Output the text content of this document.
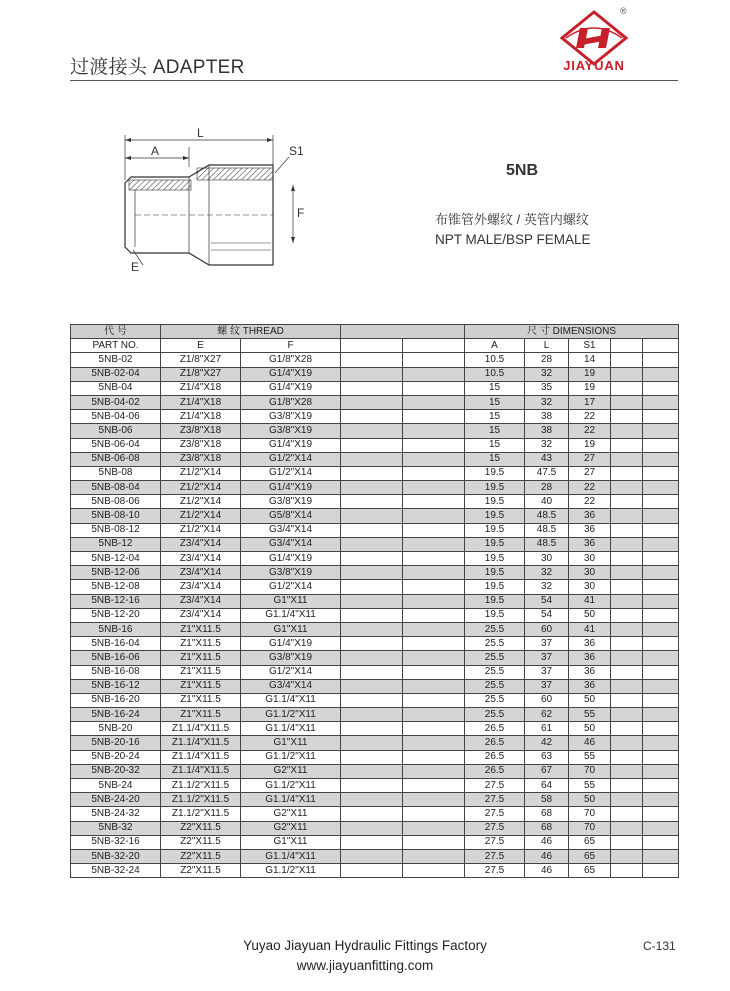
过渡接头 ADAPTER
®
JIAYUAN
L
A	S1
F
E
5NB
布锥管外螺纹 / 英管内螺纹
NPT MALE/BSP FEMALE
代 号	螺 纹 THREAD				尺 寸 DIMENSIONS				
PART NO.	E	F			A	L	S1		
5NB-02	Z1/8"X27	G1/8"X28			10.5	28	14		
5NB-02-04	Z1/8"X27	G1/4"X19			10.5	32	19		
5NB-04	Z1/4"X18	G1/4"X19			15	35	19		
5NB-04-02	Z1/4"X18	G1/8"X28			15	32	17		
5NB-04-06	Z1/4"X18	G3/8"X19			15	38	22		
5NB-06	Z3/8"X18	G3/8"X19			15	38	22		
5NB-06-04	Z3/8"X18	G1/4"X19			15	32	19		
5NB-06-08	Z3/8"X18	G1/2"X14			15	43	27		
5NB-08	Z1/2"X14	G1/2"X14			19.5	47.5	27		
5NB-08-04	Z1/2"X14	G1/4"X19			19.5	28	22		
5NB-08-06	Z1/2"X14	G3/8"X19			19.5	40	22		
5NB-08-10	Z1/2"X14	G5/8"X14			19.5	48.5	36		
5NB-08-12	Z1/2"X14	G3/4"X14			19.5	48.5	36		
5NB-12	Z3/4"X14	G3/4"X14			19.5	48.5	36		
5NB-12-04	Z3/4"X14	G1/4"X19			19.5	30	30		
5NB-12-06	Z3/4"X14	G3/8"X19			19.5	32	30		
5NB-12-08	Z3/4"X14	G1/2"X14			19.5	32	30		
5NB-12-16	Z3/4"X14	G1"X11			19.5	54	41		
5NB-12-20	Z3/4"X14	G1.1/4"X11			19.5	54	50		
5NB-16	Z1"X11.5	G1"X11			25.5	60	41		
5NB-16-04	Z1"X11.5	G1/4"X19			25.5	37	36		
5NB-16-06	Z1"X11.5	G3/8"X19			25.5	37	36		
5NB-16-08	Z1"X11.5	G1/2"X14			25.5	37	36		
5NB-16-12	Z1"X11.5	G3/4"X14			25.5	37	36		
5NB-16-20	Z1"X11.5	G1.1/4"X11			25.5	60	50		
5NB-16-24	Z1"X11.5	G1.1/2"X11			25.5	62	55		
5NB-20	Z1.1/4"X11.5	G1.1/4"X11			26.5	61	50		
5NB-20-16	Z1.1/4"X11.5	G1"X11			26.5	42	46		
5NB-20-24	Z1.1/4"X11.5	G1.1/2"X11			26.5	63	55		
5NB-20-32	Z1.1/4"X11.5	G2"X11			26.5	67	70		
5NB-24	Z1.1/2"X11.5	G1.1/2"X11			27.5	64	55		
5NB-24-20	Z1.1/2"X11.5	G1.1/4"X11			27.5	58	50		
5NB-24-32	Z1.1/2"X11.5	G2"X11			27.5	68	70		
5NB-32	Z2"X11.5	G2"X11			27.5	68	70		
5NB-32-16	Z2"X11.5	G1"X11			27.5	46	65		
5NB-32-20	Z2"X11.5	G1.1/4"X11			27.5	46	65		
5NB-32-24	Z2"X11.5	G1.1/2"X11			27.5	46	65		
Yuyao Jiayuan Hydraulic Fittings Factory
www.jiayuanfitting.com
C-131
